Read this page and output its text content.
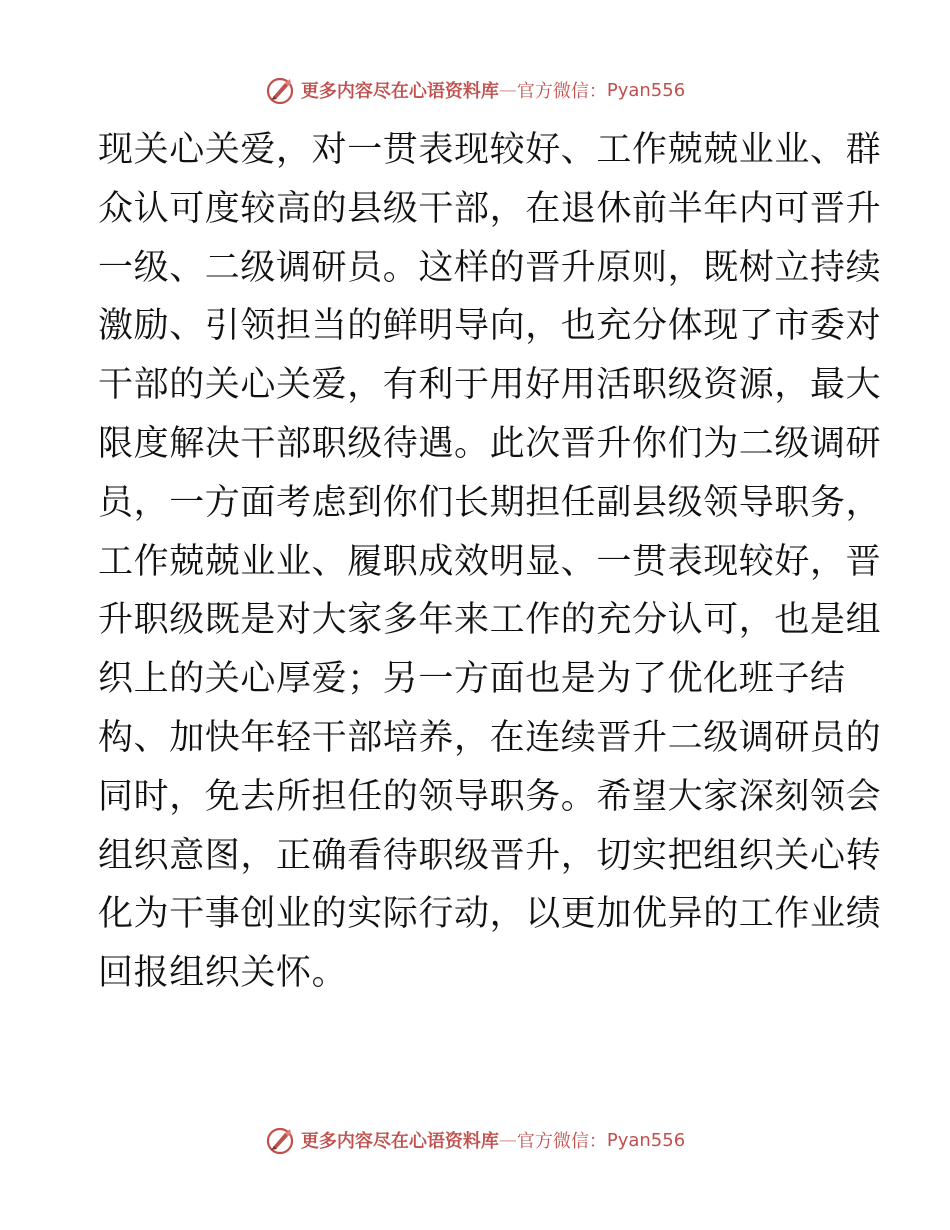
更多内容尽在心语资料库 — 官方微信： Pyan556
现关心关爱，对一贯表现较好、工作兢兢业业、群
众认可度较高的县级干部，在退休前半年内可晋升
一级、二级调研员。这样的晋升原则，既树立持续
激励、引领担当的鲜明导向，也充分体现了市委对
干部的关心关爱，有利于用好用活职级资源，最大
限度解决干部职级待遇。此次晋升你们为二级调研
员，一方面考虑到你们长期担任副县级领导职务，
工作兢兢业业、履职成效明显、一贯表现较好，晋
升职级既是对大家多年来工作的充分认可，也是组
织上的关心厚爱；另一方面也是为了优化班子结
构、加快年轻干部培养，在连续晋升二级调研员的
同时，免去所担任的领导职务。希望大家深刻领会
组织意图，正确看待职级晋升，切实把组织关心转
化为干事创业的实际行动，以更加优异的工作业绩
回报组织关怀。
更多内容尽在心语资料库 — 官方微信： Pyan556
